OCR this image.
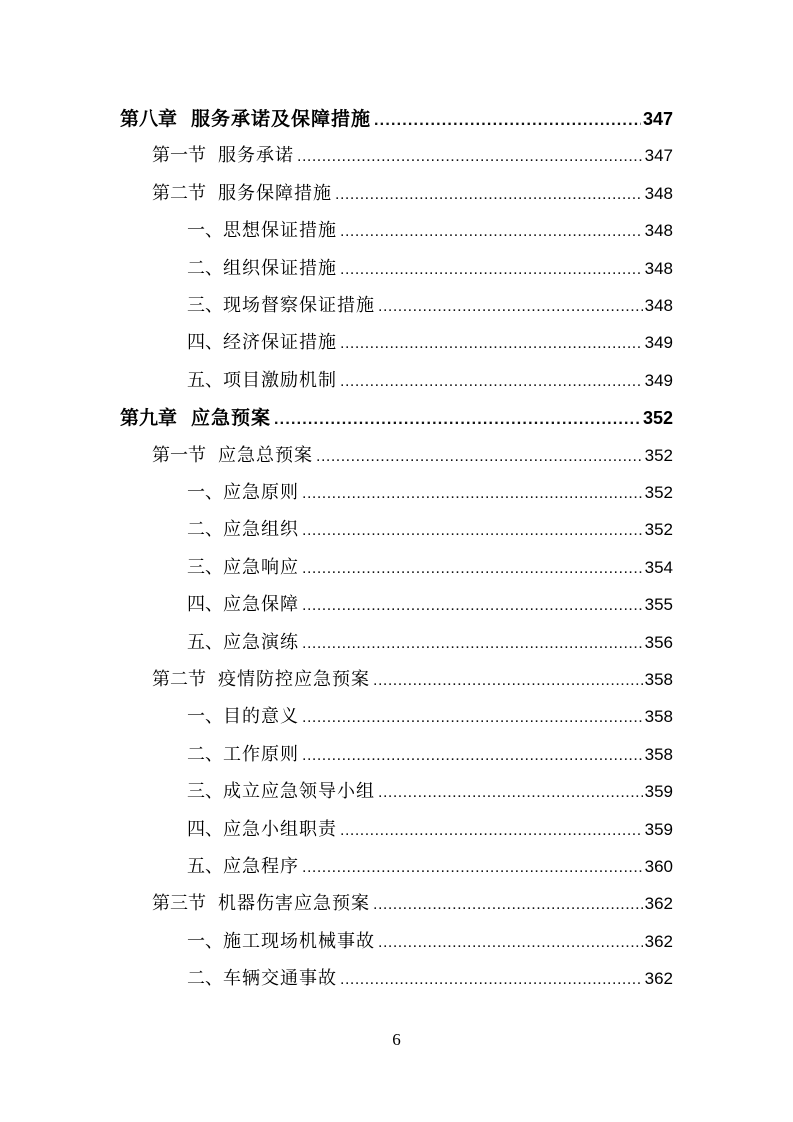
第八章 服务承诺及保障措施 .....	347
第一节 服务承诺 .....	347
第二节 服务保障措施 .....	348
一、 思想保证措施 .....	348
二、 组织保证措施 .....	348
三、 现场督察保证措施 .....	348
四、 经济保证措施 .....	349
五、 项目激励机制 .....	349
第九章 应急预案 .....	352
第一节 应急总预案 .....	352
一、 应急原则 .....	352
二、 应急组织 .....	352
三、 应急响应 .....	354
四、 应急保障 .....	355
五、 应急演练 .....	356
第二节 疫情防控应急预案 .....	358
一、 目的意义 .....	358
二、 工作原则 .....	358
三、 成立应急领导小组 .....	359
四、 应急小组职责 .....	359
五、 应急程序 .....	360
第三节 机器伤害应急预案 .....	362
一、 施工现场机械事故 .....	362
二、 车辆交通事故 .....	362
6
